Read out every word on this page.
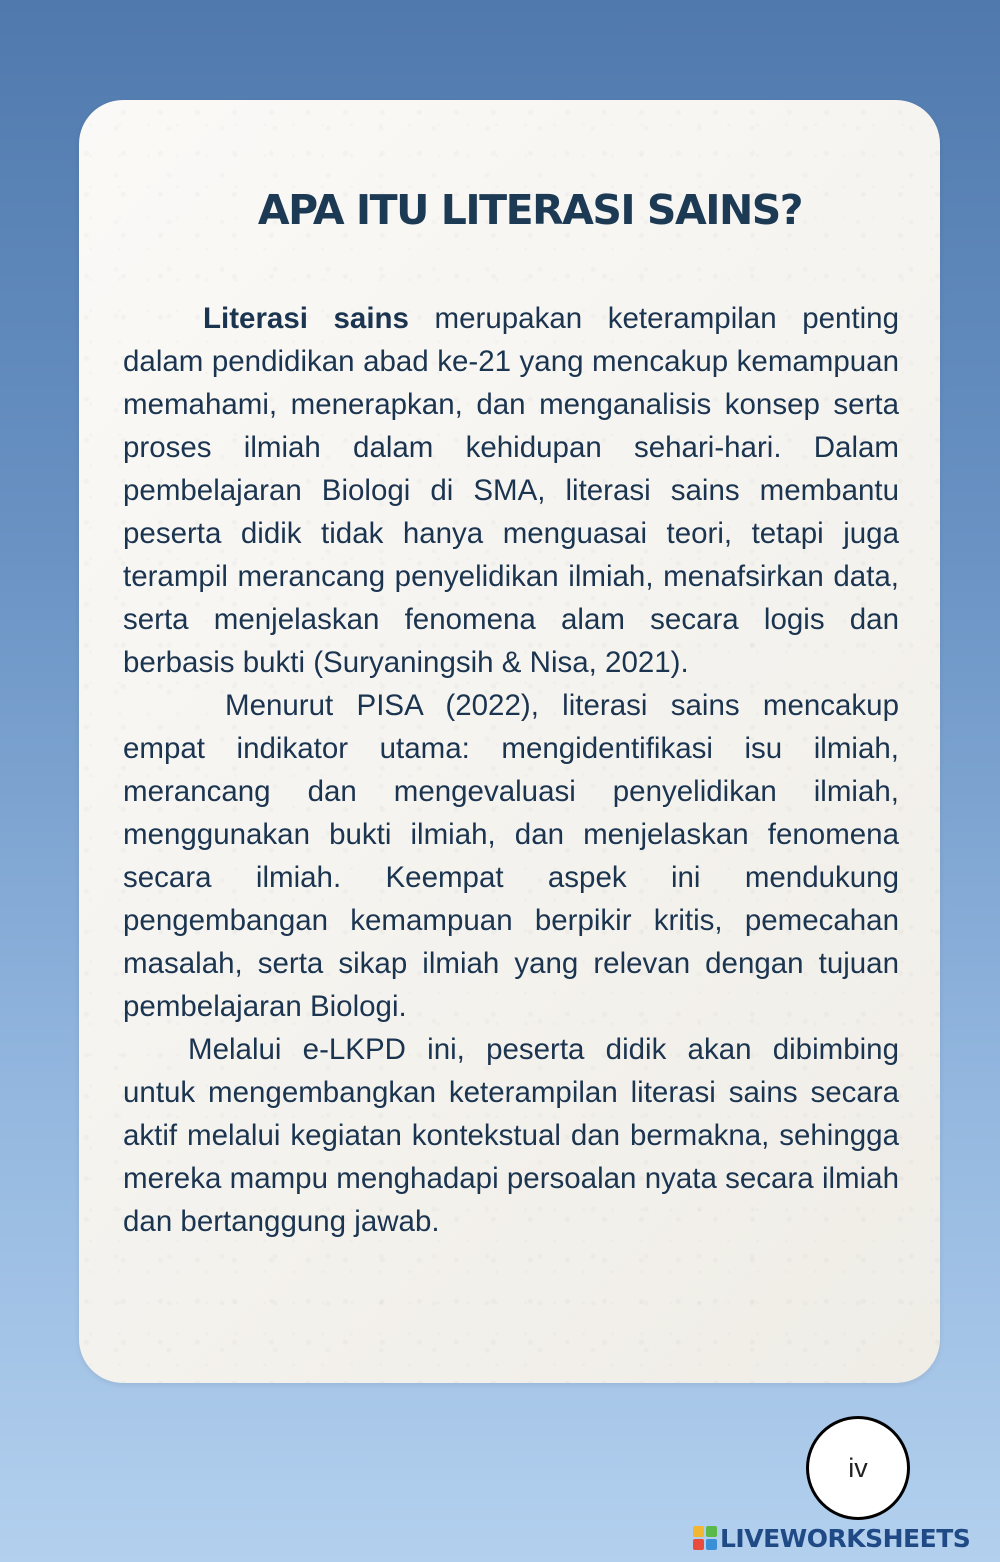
APA ITU LITERASI SAINS?

Literasi sains merupakan keterampilan penting dalam pendidikan abad ke-21 yang mencakup kemampuan memahami, menerapkan, dan menganalisis konsep serta proses ilmiah dalam kehidupan sehari-hari. Dalam pembelajaran Biologi di SMA, literasi sains membantu peserta didik tidak hanya menguasai teori, tetapi juga terampil merancang penyelidikan ilmiah, menafsirkan data, serta menjelaskan fenomena alam secara logis dan berbasis bukti (Suryaningsih & Nisa, 2021).

Menurut PISA (2022), literasi sains mencakup empat indikator utama: mengidentifikasi isu ilmiah, merancang dan mengevaluasi penyelidikan ilmiah, menggunakan bukti ilmiah, dan menjelaskan fenomena secara ilmiah. Keempat aspek ini mendukung pengembangan kemampuan berpikir kritis, pemecahan masalah, serta sikap ilmiah yang relevan dengan tujuan pembelajaran Biologi.

Melalui e-LKPD ini, peserta didik akan dibimbing untuk mengembangkan keterampilan literasi sains secara aktif melalui kegiatan kontekstual dan bermakna, sehingga mereka mampu menghadapi persoalan nyata secara ilmiah dan bertanggung jawab.

iv
LIVEWORKSHEETS
